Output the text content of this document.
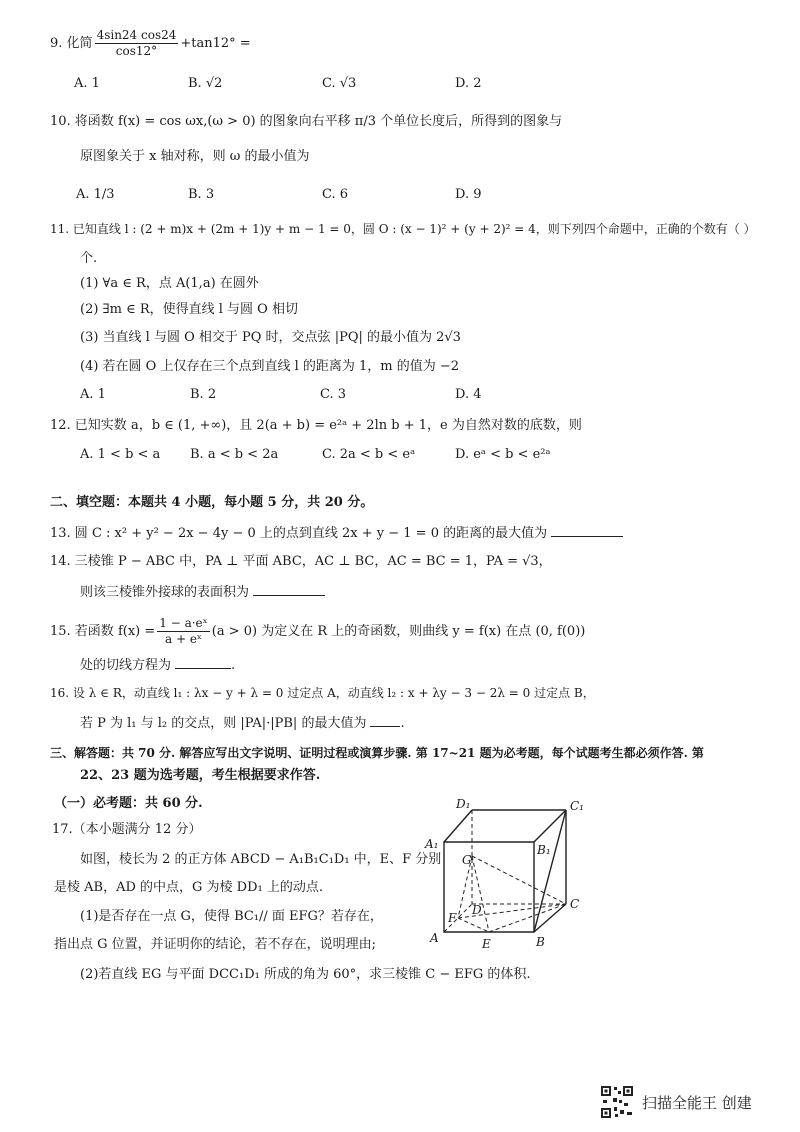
9. 化简 $\frac{4\sin 24 \cos 24}{\cos 12^\circ} +\tan 12^\circ$ =
A. 1	B. √2	C. √3	D. 2
10. 将函数 f(x) = cos ωx,(ω > 0) 的图象向右平移 π/3 个单位长度后，所得到的图象与
原图象关于 x 轴对称，则 ω 的最小值为
A. 1/3	B. 3	C. 6	D. 9
11. 已知直线 l : (2 + m)x + (2m + 1)y + m − 1 = 0，圆 O : (x − 1)² + (y + 2)² = 4，则下列四个命题中，正确的个数有（ ）
个.
(1) ∀a ∈ R，点 A(1,a) 在圆外
(2) ∃m ∈ R，使得直线 l 与圆 O 相切
(3) 当直线 l 与圆 O 相交于 PQ 时，交点弦 |PQ| 的最小值为 2√3
(4) 若在圆 O 上仅存在三个点到直线 l 的距离为 1，m 的值为 −2
A. 1	B. 2	C. 3	D. 4
12. 已知实数 a，b ∈ (1, +∞)，且 2(a + b) = e²ᵃ + 2ln b + 1，e 为自然对数的底数，则
A. 1 < b < a B. a < b < 2a	C. 2a < b < eᵃ	D. eᵃ < b < e²ᵃ
二、填空题：本题共 4 小题，每小题 5 分，共 20 分。
13. 圆 C : x² + y² − 2x − 4y − 0 上的点到直线 2x + y − 1 = 0 的距离的最大值为
14. 三棱锥 P − ABC 中，PA ⊥ 平面 ABC，AC ⊥ BC，AC = BC = 1，PA = √3，
则该三棱锥外接球的表面积为
15. 若函数 $f(x) = \frac{\text{1 − a·eˣ}}{\text{a + eˣ}} (a > 0)$ 为定义在 R 上的奇函数，则曲线 y = f(x) 在点 (0, f(0))
处的切线方程为	.
16. 设 λ ∈ R，动直线 l₁ : λx − y + λ = 0 过定点 A，动直线 l₂ : x + λy − 3 − 2λ = 0 过定点 B，
若 P 为 l₁ 与 l₂ 的交点，则 |PA|·|PB| 的最大值为	.
三、解答题：共 70 分. 解答应写出文字说明、证明过程或演算步骤. 第 17~21 题为必考题，每个试题考生都必须作答. 第
22、23 题为选考题，考生根据要求作答.
（一）必考题：共 60 分.
17.（本小题满分 12 分）
如图，棱长为 2 的正方体 ABCD − A₁B₁C₁D₁ 中，E、F 分别
是棱 AB，AD 的中点，G 为棱 DD₁ 上的动点.
(1)是否存在一点 G，使得 BC₁// 面 EFG？若存在，
指出点 G 位置，并证明你的结论，若不存在，说明理由;
(2)若直线 EG 与平面 DCC₁D₁ 所成的角为 60°，求三棱锥 C − EFG 的体积.
D₁	C₁
A₁	B₁
G
F
D	C
A	E	B
扫描全能王 创建
